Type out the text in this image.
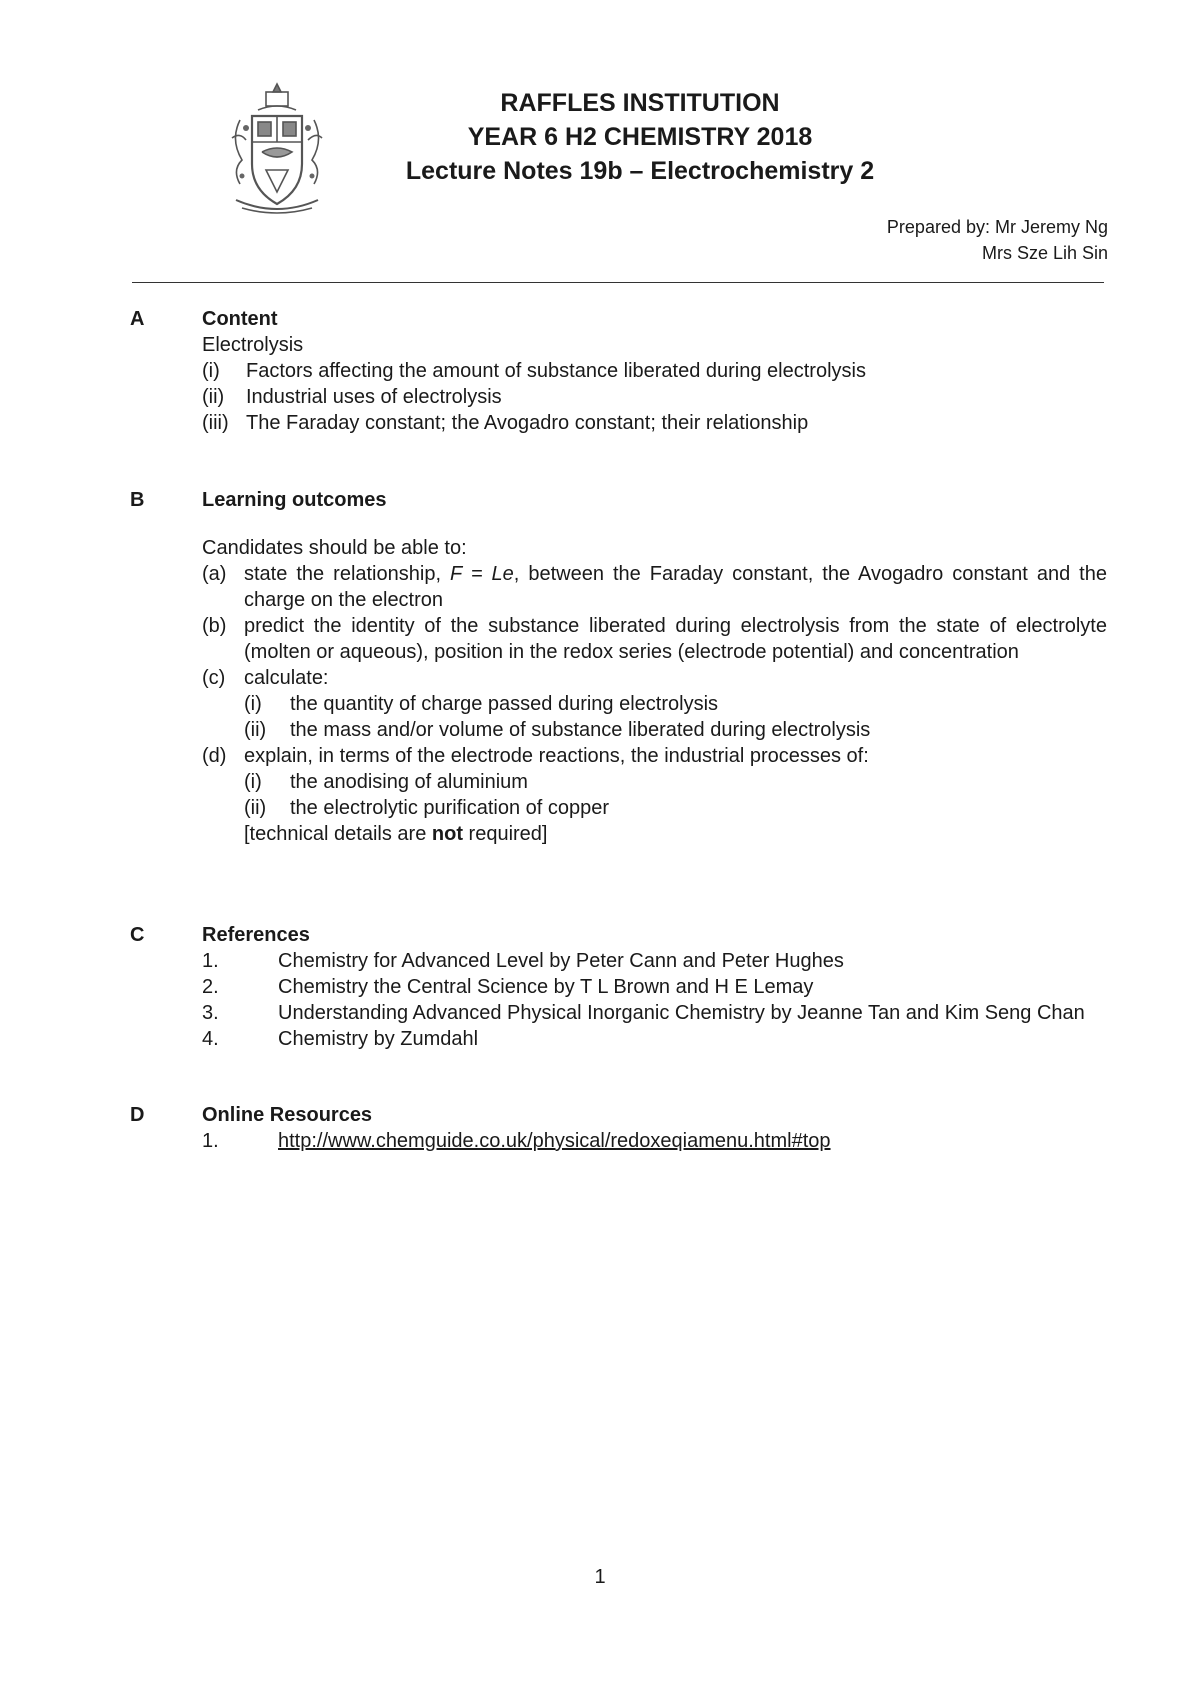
RAFFLES INSTITUTION
YEAR 6 H2 CHEMISTRY 2018
Lecture Notes 19b – Electrochemistry 2
Prepared by: Mr Jeremy Ng
Mrs Sze Lih Sin
A	Content
Electrolysis
(i)	Factors affecting the amount of substance liberated during electrolysis
(ii)	Industrial uses of electrolysis
(iii) The Faraday constant; the Avogadro constant; their relationship
B	Learning outcomes
Candidates should be able to:
(a) state the relationship, F = Le, between the Faraday constant, the Avogadro constant and the charge on the electron
(b) predict the identity of the substance liberated during electrolysis from the state of electrolyte (molten or aqueous), position in the redox series (electrode potential) and concentration
(c) calculate:
(i)	the quantity of charge passed during electrolysis
(ii)	the mass and/or volume of substance liberated during electrolysis
(d) explain, in terms of the electrode reactions, the industrial processes of:
(i)	the anodising of aluminium
(ii)	the electrolytic purification of copper
[technical details are not required]
C	References
1.	Chemistry for Advanced Level by Peter Cann and Peter Hughes
2.	Chemistry the Central Science by T L Brown and H E Lemay
3.	Understanding Advanced Physical Inorganic Chemistry by Jeanne Tan and Kim Seng Chan
4.	Chemistry by Zumdahl
D	Online Resources
1.	http://www.chemguide.co.uk/physical/redoxeqiamenu.html#top
1
